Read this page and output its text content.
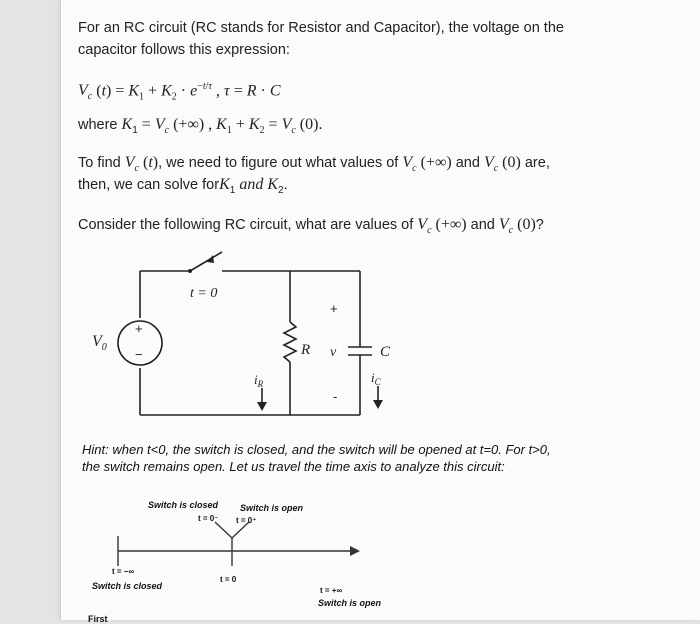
For an RC circuit (RC stands for Resistor and Capacitor), the voltage on the
capacitor follows this expression:
$V_c$ $(t) = K_1 + K_2 \cdot e^{-t/\tau}$ , τ = R · C
where $K_1 = V_c$ (+∞) , $K_1 + K_2 = V_c$ (0).
To find $V_c$ (t), we need to figure out what values of $V_c$ (+∞) and $V_c$ (0) are,
then, we can solve forK$_1$ and $K_2$.
Consider the following RC circuit, what are values of $V_c$ (+∞) and $V_c$ (0)?
t = 0
$V_0$
+
−	R v	C
+
-
$i_R$	$i_C$
Hint: when t<0, the switch is closed, and the switch will be opened at t=0. For t>0,
the switch remains open. Let us travel the time axis to analyze this circuit:
Switch is closed Switch is open
t = 0⁻ t = 0⁺
t = −∞
t = 0
t = +∞
Switch is closed
Switch is open
First
